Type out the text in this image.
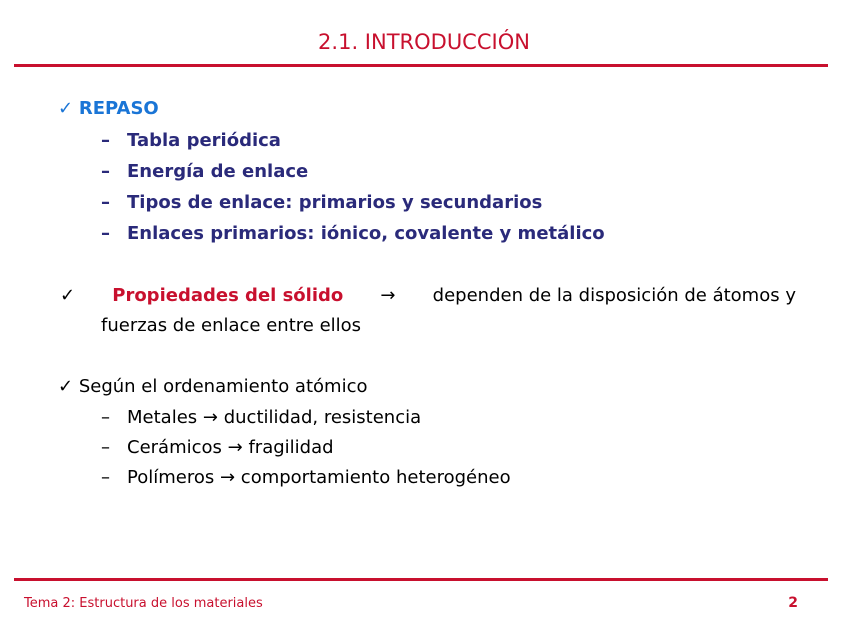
2.1. INTRODUCCIÓN
✓ REPASO
– Tabla periódica
– Energía de enlace
– Tipos de enlace: primarios y secundarios
– Enlaces primarios: iónico, covalente y metálico
✓ Propiedades del sólido → dependen de la disposición de átomos y
fuerzas de enlace entre ellos
✓ Según el ordenamiento atómico
– Metales → ductilidad, resistencia
– Cerámicos → fragilidad
– Polímeros → comportamiento heterogéneo
Tema 2: Estructura de los materiales	2
